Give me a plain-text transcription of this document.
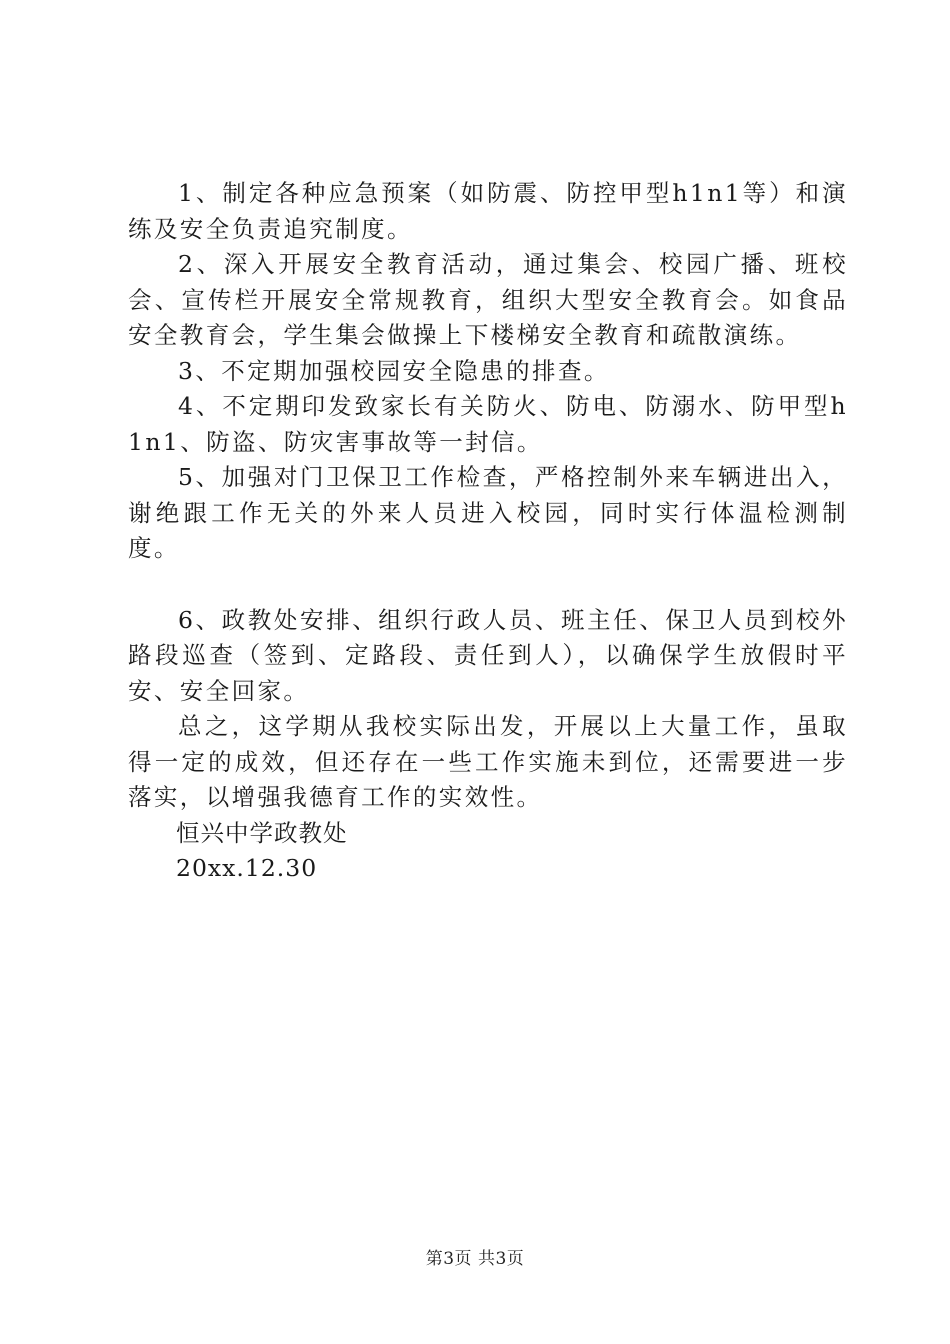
1、制定各种应急预案（如防震、防控甲型h1n1等）和演练及安全负责追究制度。

2、深入开展安全教育活动，通过集会、校园广播、班校会、宣传栏开展安全常规教育，组织大型安全教育会。如食品安全教育会，学生集会做操上下楼梯安全教育和疏散演练。

3、不定期加强校园安全隐患的排查。

4、不定期印发致家长有关防火、防电、防溺水、防甲型h1n1、防盗、防灾害事故等一封信。

5、加强对门卫保卫工作检查，严格控制外来车辆进出入，谢绝跟工作无关的外来人员进入校园，同时实行体温检测制度。

6、政教处安排、组织行政人员、班主任、保卫人员到校外路段巡查（签到、定路段、责任到人），以确保学生放假时平安、安全回家。

总之，这学期从我校实际出发，开展以上大量工作，虽取得一定的成效，但还存在一些工作实施未到位，还需要进一步落实，以增强我德育工作的实效性。

恒兴中学政教处

20xx.12.30

第3页 共3页
